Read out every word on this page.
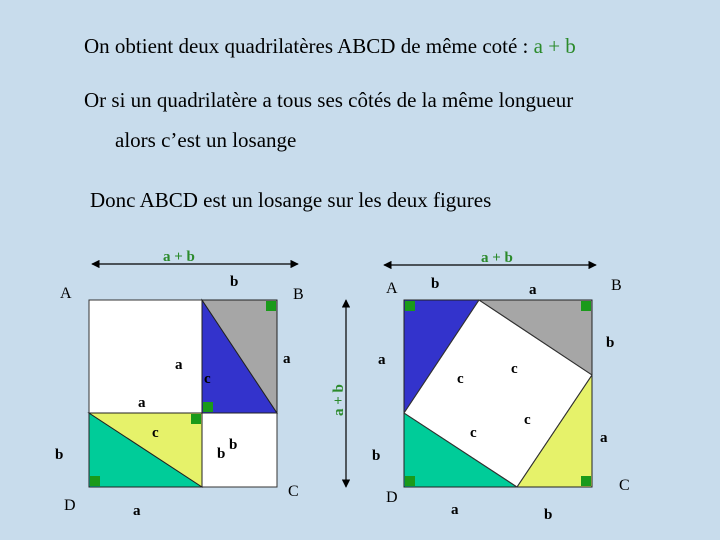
On obtient deux quadrilatères ABCD de même coté : a + b
Or si un quadrilatère a tous ses côtés de la même longueur
alors c’est un losange
Donc ABCD est un losange sur les deux figures
a + b
A	B
C
D
b
a	a
c
a
c
b	b
b
a
a + b
a + b
A	B
C
D
b	a
b
a
c
c
c
c
b
a
a	b
